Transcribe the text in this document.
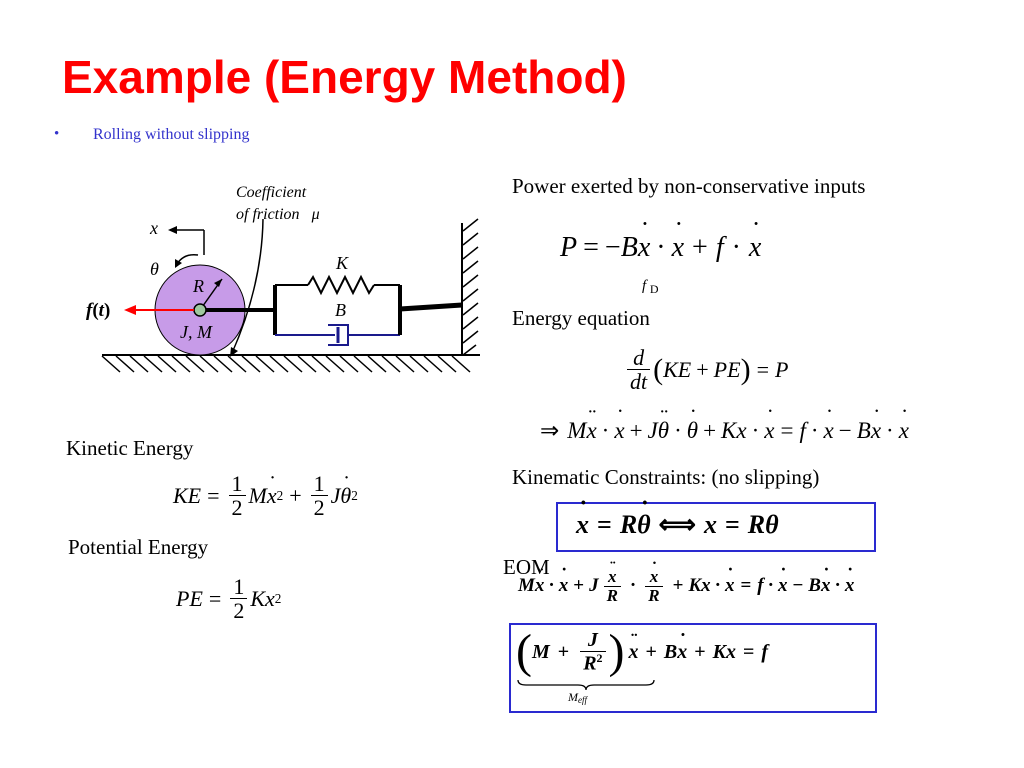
Example (Energy Method)
• Rolling without slipping
Coefficient
of friction μ
x
θ
R
J, M
f ( t )
K
B
Kinetic Energy
KE = $\frac{1}{2}$ M ˙ x $2 + \frac{1}{2}$ J ˙ θ 2
Potential Energy
PE = $\frac{1}{2}$ Kx 2
Power exerted by non-conservative inputs
P = − B ˙ x · ˙ x + f · ˙ x
f
D
Energy equation
$\frac{d}{dt}$ ( KE + PE ) = P
⇒ M ¨ x · ˙ x + J ¨ θ · ˙ θ + Kx · ˙ x = f · ˙ x − B ˙ x · ˙ x
Kinematic Constraints: (no slipping)
˙ x = R ˙ θ ⟺ x = Rθ
EOM
M ¨ x · ˙ x + J ¨ $\frac{x}{R}$ · ˙ $\frac{x}{R} + Kx$ · ˙ x = f · ˙ x − B ˙ x · ˙ x
( $M + \frac{J}{R^2}$ ) ¨ x + B ˙ x + Kx = f
M eff
